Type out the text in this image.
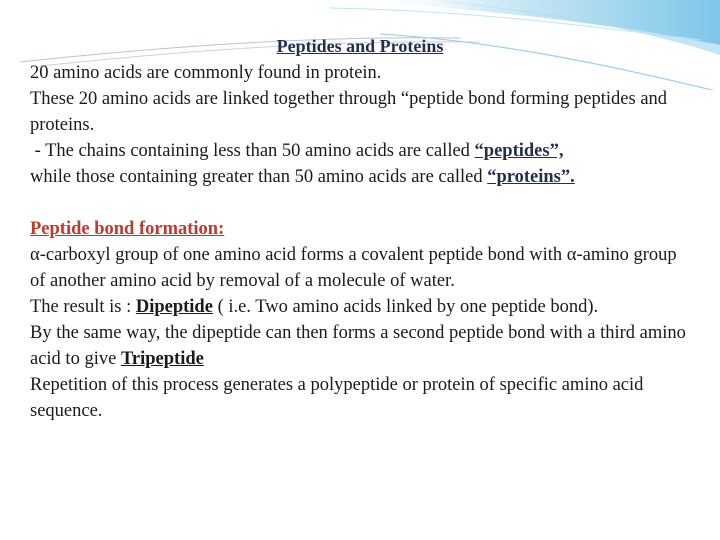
Peptides and Proteins

20 amino acids are commonly found in protein.

These 20 amino acids are linked together through “peptide bond forming peptides and proteins.

- The chains containing less than 50 amino acids are called “peptides”,

while those containing greater than 50 amino acids are called “proteins”.

Peptide bond formation:

α-carboxyl group of one amino acid forms a covalent peptide bond with α-amino group of another amino acid by removal of a molecule of water.

The result is : Dipeptide ( i.e. Two amino acids linked by one peptide bond).

By the same way, the dipeptide can then forms a second peptide bond with a third amino acid to give Tripeptide

Repetition of this process generates a polypeptide or protein of specific amino acid sequence.
